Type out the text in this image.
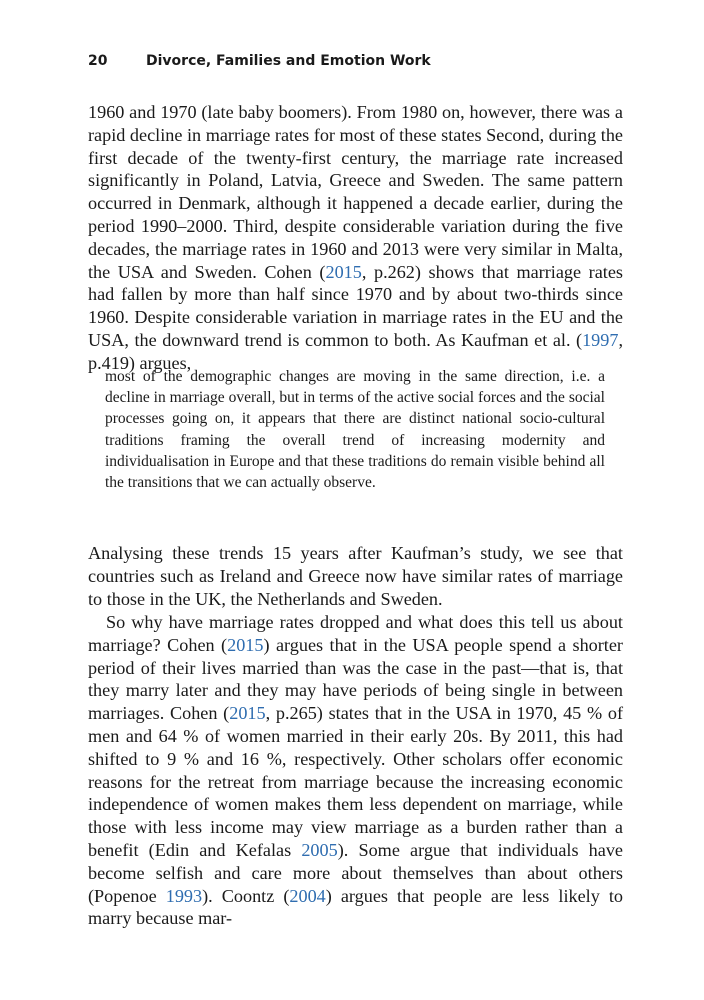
20	Divorce, Families and Emotion Work

1960 and 1970 (late baby boomers). From 1980 on, however, there was a rapid decline in marriage rates for most of these states Second, during the first decade of the twenty-first century, the marriage rate increased significantly in Poland, Latvia, Greece and Sweden. The same pattern occurred in Denmark, although it happened a decade earlier, during the period 1990–2000. Third, despite considerable variation during the five decades, the marriage rates in 1960 and 2013 were very similar in Malta, the USA and Sweden. Cohen (2015, p.262) shows that marriage rates had fallen by more than half since 1970 and by about two-thirds since 1960. Despite considerable variation in marriage rates in the EU and the USA, the downward trend is common to both. As Kaufman et al. (1997, p.419) argues,

most of the demographic changes are moving in the same direction, i.e. a decline in marriage overall, but in terms of the active social forces and the social processes going on, it appears that there are distinct national socio-cultural traditions framing the overall trend of increasing modernity and individualisation in Europe and that these traditions do remain visible behind all the transitions that we can actually observe.

Analysing these trends 15 years after Kaufman’s study, we see that countries such as Ireland and Greece now have similar rates of marriage to those in the UK, the Netherlands and Sweden.

So why have marriage rates dropped and what does this tell us about marriage? Cohen (2015) argues that in the USA people spend a shorter period of their lives married than was the case in the past—that is, that they marry later and they may have periods of being single in between marriages. Cohen (2015, p.265) states that in the USA in 1970, 45 % of men and 64 % of women married in their early 20s. By 2011, this had shifted to 9 % and 16 %, respectively. Other scholars offer economic reasons for the retreat from marriage because the increasing economic independence of women makes them less dependent on marriage, while those with less income may view marriage as a burden rather than a benefit (Edin and Kefalas 2005). Some argue that individuals have become selfish and care more about themselves than about others (Popenoe 1993). Coontz (2004) argues that people are less likely to marry because mar-
